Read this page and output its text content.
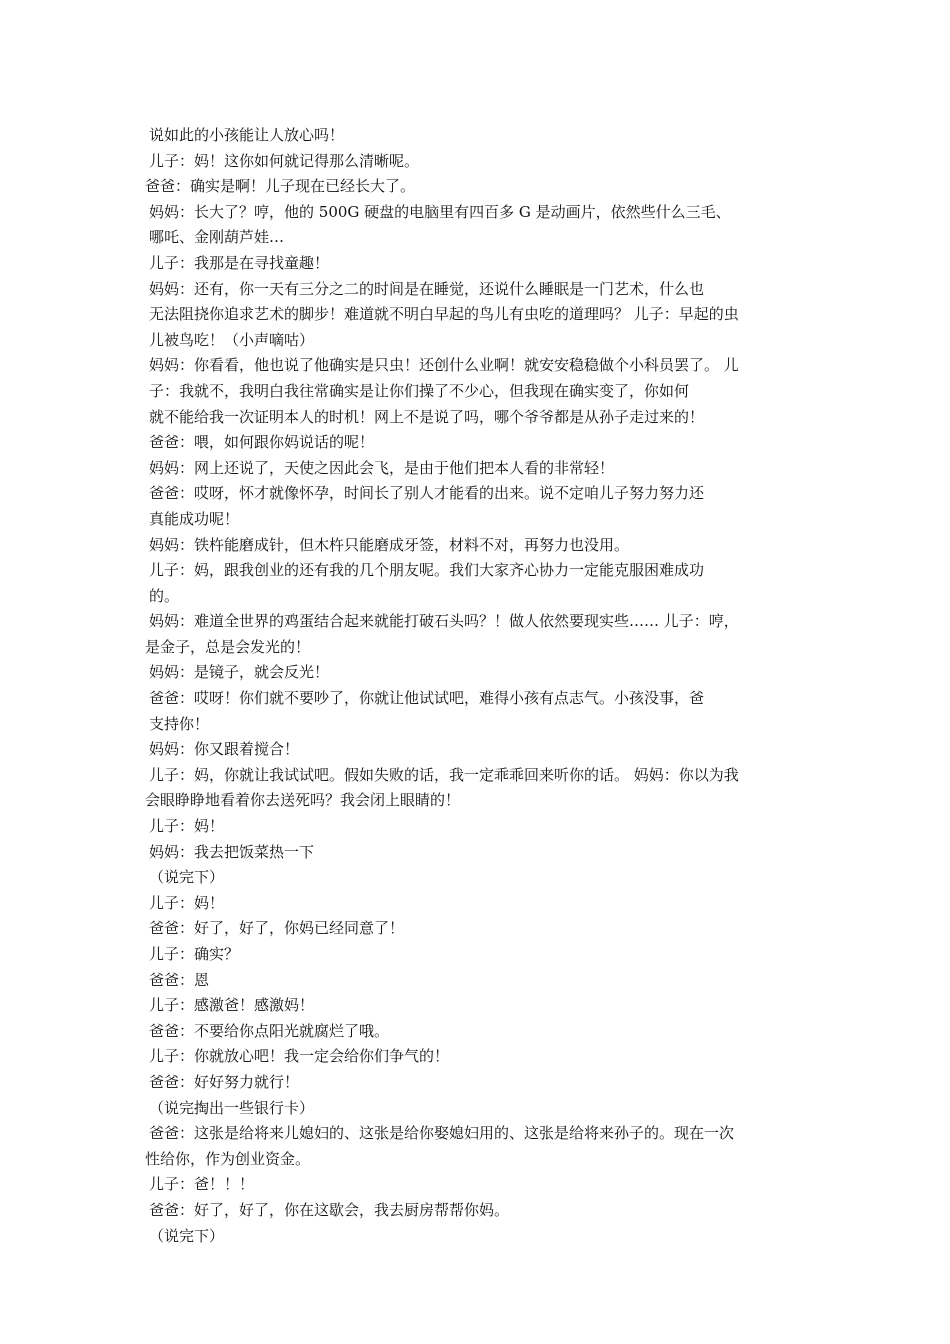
说如此的小孩能让人放心吗！
儿子：妈！这你如何就记得那么清晰呢。
爸爸：确实是啊！儿子现在已经长大了。
妈妈：长大了？哼，他的 500G 硬盘的电脑里有四百多 G 是动画片，依然些什么三毛、
哪吒、金刚葫芦娃…
儿子：我那是在寻找童趣！
妈妈：还有，你一天有三分之二的时间是在睡觉，还说什么睡眠是一门艺术，什么也
无法阻挠你追求艺术的脚步！难道就不明白早起的鸟儿有虫吃的道理吗？ 儿子：早起的虫
儿被鸟吃！（小声嘀咕）
妈妈：你看看，他也说了他确实是只虫！还创什么业啊！就安安稳稳做个小科员罢了。 儿
子：我就不，我明白我往常确实是让你们操了不少心，但我现在确实变了，你如何
就不能给我一次证明本人的时机！网上不是说了吗，哪个爷爷都是从孙子走过来的！
爸爸：喂，如何跟你妈说话的呢！
妈妈：网上还说了，天使之因此会飞，是由于他们把本人看的非常轻！
爸爸：哎呀，怀才就像怀孕，时间长了别人才能看的出来。说不定咱儿子努力努力还
真能成功呢！
妈妈：铁杵能磨成针，但木杵只能磨成牙签，材料不对，再努力也没用。
儿子：妈，跟我创业的还有我的几个朋友呢。我们大家齐心协力一定能克服困难成功
的。
妈妈：难道全世界的鸡蛋结合起来就能打破石头吗？！做人依然要现实些…… 儿子：哼，
是金子，总是会发光的！
妈妈：是镜子，就会反光！
爸爸：哎呀！你们就不要吵了，你就让他试试吧，难得小孩有点志气。小孩没事，爸
支持你！
妈妈：你又跟着搅合！
儿子：妈，你就让我试试吧。假如失败的话，我一定乖乖回来听你的话。 妈妈：你以为我
会眼睁睁地看着你去送死吗？我会闭上眼睛的！
儿子：妈！
妈妈：我去把饭菜热一下
（说完下）
儿子：妈！
爸爸：好了，好了，你妈已经同意了！
儿子：确实？
爸爸：恩
儿子：感激爸！感激妈！
爸爸：不要给你点阳光就腐烂了哦。
儿子：你就放心吧！我一定会给你们争气的！
爸爸：好好努力就行！
（说完掏出一些银行卡）
爸爸：这张是给将来儿媳妇的、这张是给你娶媳妇用的、这张是给将来孙子的。现在一次
性给你，作为创业资金。
儿子：爸！！！
爸爸：好了，好了，你在这歇会，我去厨房帮帮你妈。
（说完下）
